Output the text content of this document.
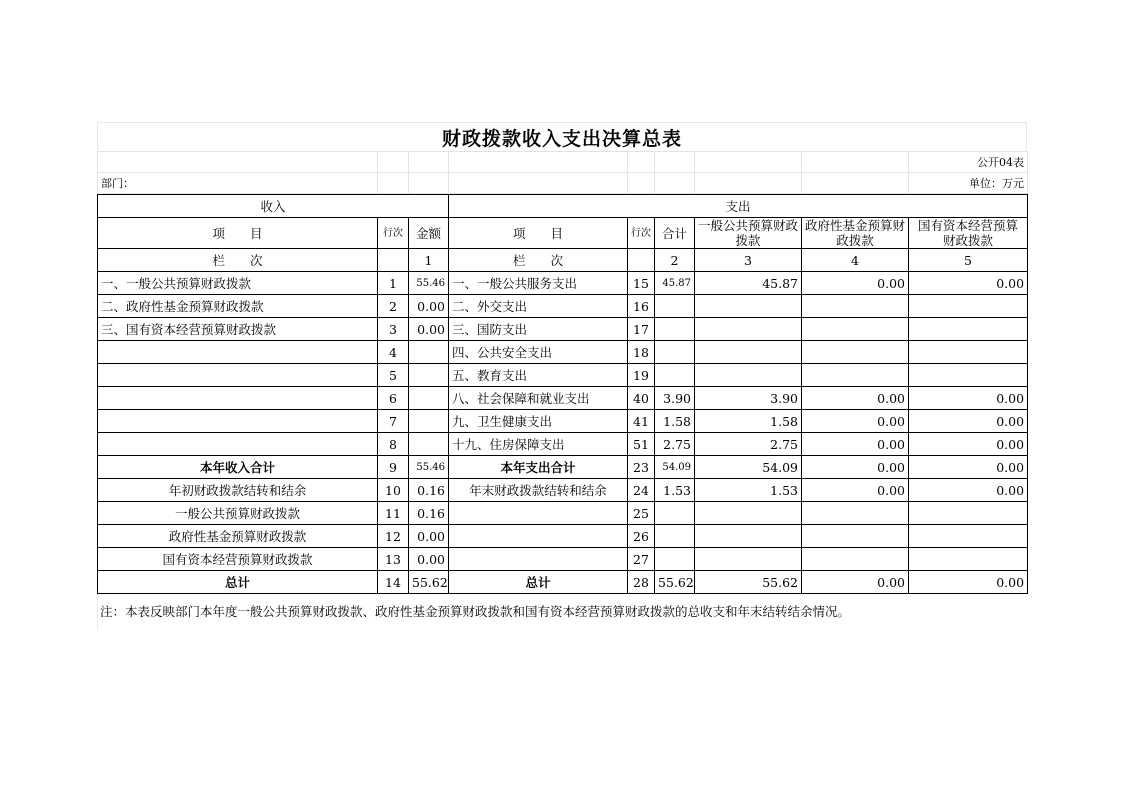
财政拨款收入支出决算总表
								公开04表
部门：								单位：万元
收入			支出					
项　　目	行次	金额	项　　目	行次	合计	一般公共预算财政拨款	政府性基金预算财政拨款	国有资本经营预算财政拨款
栏　　次		1	栏　　次		2	3	4	5
一、一般公共预算财政拨款	1	55.46	一、一般公共服务支出	15	45.87	45.87	0.00	0.00
二、政府性基金预算财政拨款	2	0.00	二、外交支出	16				
三、国有资本经营预算财政拨款	3	0.00	三、国防支出	17				
	4		四、公共安全支出	18				
	5		五、教育支出	19				
	6		八、社会保障和就业支出	40	3.90	3.90	0.00	0.00
	7		九、卫生健康支出	41	1.58	1.58	0.00	0.00
	8		十九、住房保障支出	51	2.75	2.75	0.00	0.00
本年收入合计	9	55.46	本年支出合计	23	54.09	54.09	0.00	0.00
年初财政拨款结转和结余	10	0.16	年末财政拨款结转和结余	24	1.53	1.53	0.00	0.00
一般公共预算财政拨款	11	0.16		25				
政府性基金预算财政拨款	12	0.00		26				
国有资本经营预算财政拨款	13	0.00		27				
总计	14	55.62	总计	28	55.62	55.62	0.00	0.00
注：本表反映部门本年度一般公共预算财政拨款、政府性基金预算财政拨款和国有资本经营预算财政拨款的总收支和年末结转结余情况。
